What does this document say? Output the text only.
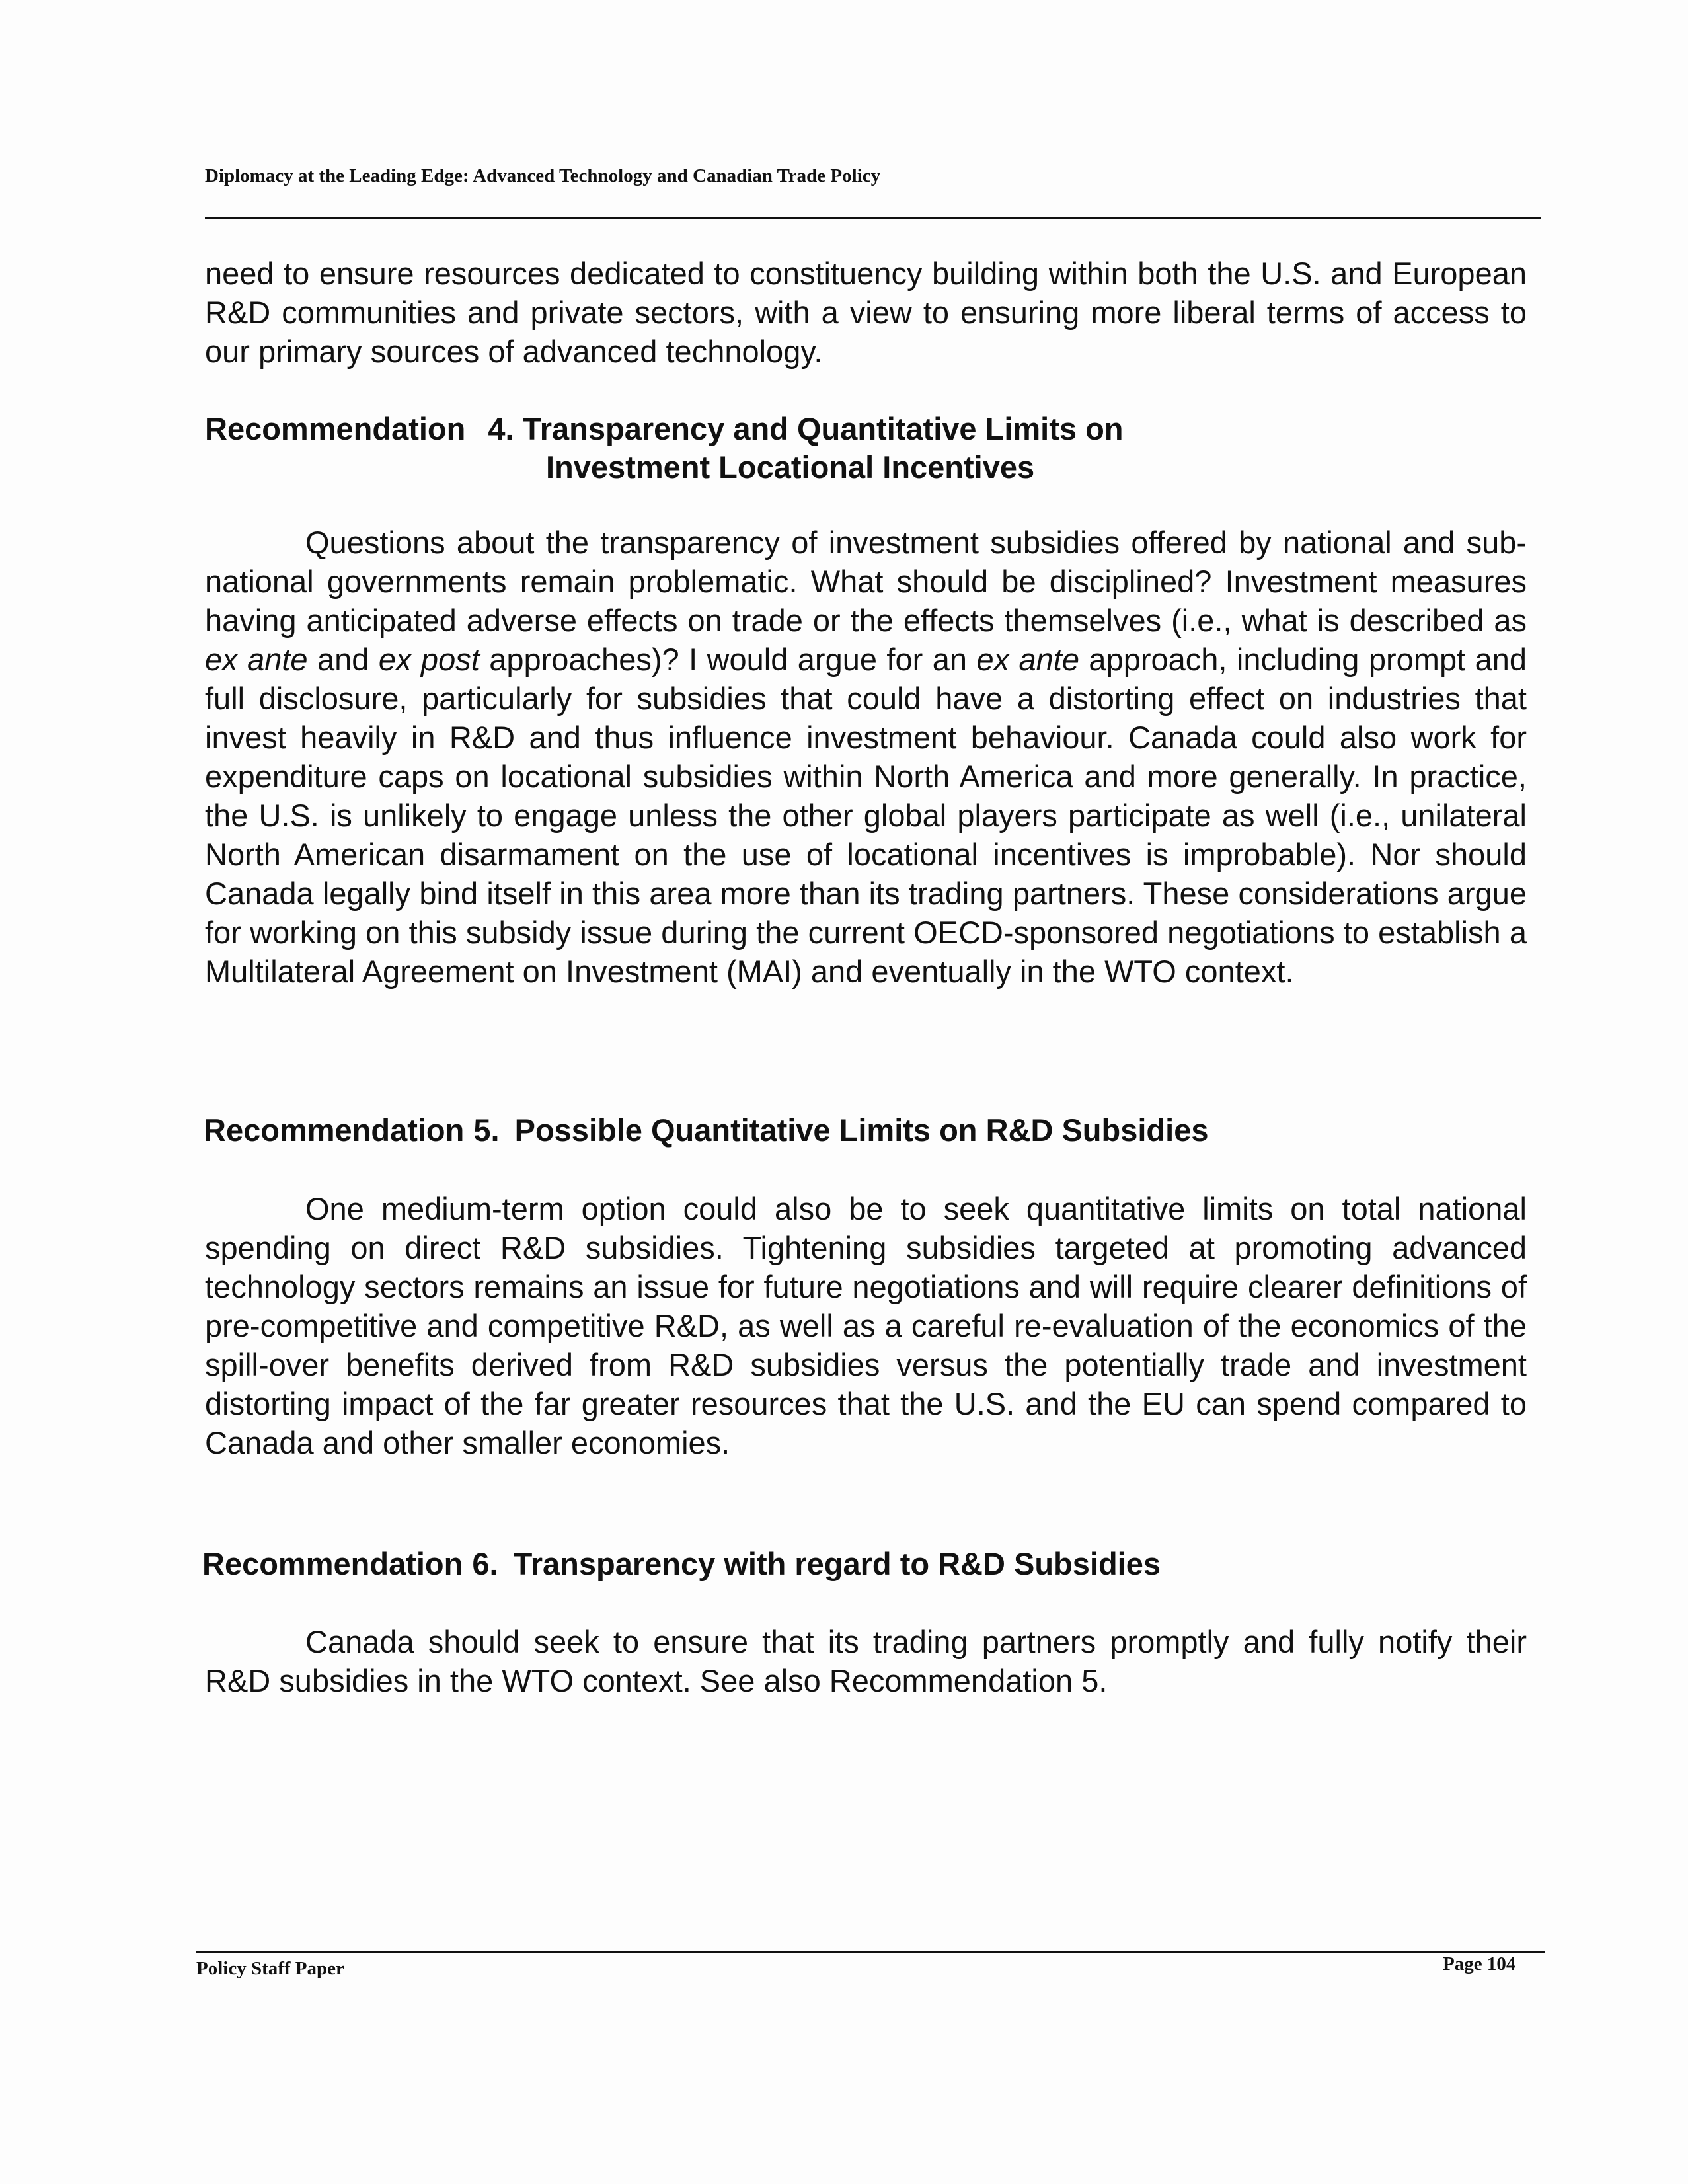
Diplomacy at the Leading Edge: Advanced Technology and Canadian Trade Policy
need to ensure resources dedicated to constituency building within both the U.S. and European R&D communities and private sectors, with a view to ensuring more liberal terms of access to our primary sources of advanced technology.
Recommendation 4. Transparency and Quantitative Limits on
Investment Locational Incentives
Questions about the transparency of investment subsidies offered by national and sub-national governments remain problematic. What should be disciplined? Investment measures having anticipated adverse effects on trade or the effects themselves (i.e., what is described as ex ante and ex post approaches)? I would argue for an ex ante approach, including prompt and full disclosure, particularly for subsidies that could have a distorting effect on industries that invest heavily in R&D and thus influence investment behaviour. Canada could also work for expenditure caps on locational subsidies within North America and more generally. In practice, the U.S. is unlikely to engage unless the other global players participate as well (i.e., unilateral North American disarmament on the use of locational incentives is improbable). Nor should Canada legally bind itself in this area more than its trading partners. These considerations argue for working on this subsidy issue during the current OECD-sponsored negotiations to establish a Multilateral Agreement on Investment (MAI) and eventually in the WTO context.
Recommendation 5. Possible Quantitative Limits on R&D Subsidies
One medium-term option could also be to seek quantitative limits on total national spending on direct R&D subsidies. Tightening subsidies targeted at promoting advanced technology sectors remains an issue for future negotiations and will require clearer definitions of pre-competitive and competitive R&D, as well as a careful re-evaluation of the economics of the spill-over benefits derived from R&D subsidies versus the potentially trade and investment distorting impact of the far greater resources that the U.S. and the EU can spend compared to Canada and other smaller economies.
Recommendation 6. Transparency with regard to R&D Subsidies
Canada should seek to ensure that its trading partners promptly and fully notify their R&D subsidies in the WTO context. See also Recommendation 5.
Policy Staff Paper	Page 104
